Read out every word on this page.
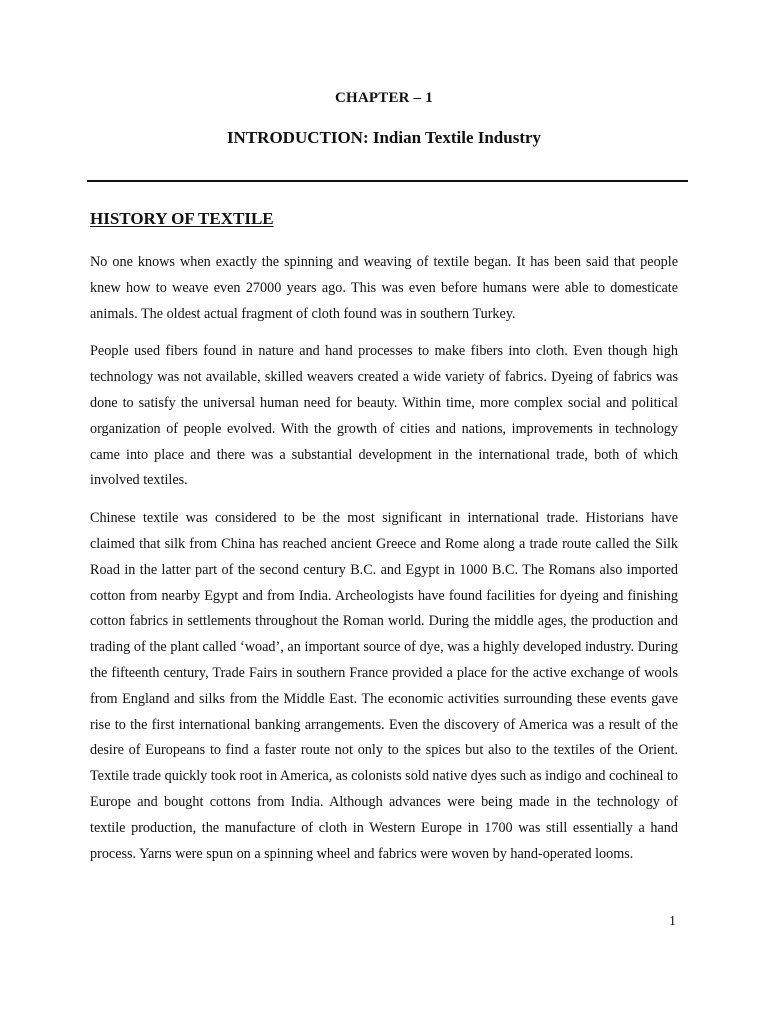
CHAPTER – 1
INTRODUCTION: Indian Textile Industry
HISTORY OF TEXTILE

No one knows when exactly the spinning and weaving of textile began. It has been said that people knew how to weave even 27000 years ago. This was even before humans were able to domesticate animals. The oldest actual fragment of cloth found was in southern Turkey.

People used fibers found in nature and hand processes to make fibers into cloth. Even though high technology was not available, skilled weavers created a wide variety of fabrics. Dyeing of fabrics was done to satisfy the universal human need for beauty. Within time, more complex social and political organization of people evolved. With the growth of cities and nations, improvements in technology came into place and there was a substantial development in the international trade, both of which involved textiles.

Chinese textile was considered to be the most significant in international trade. Historians have claimed that silk from China has reached ancient Greece and Rome along a trade route called the Silk Road in the latter part of the second century B.C. and Egypt in 1000 B.C. The Romans also imported cotton from nearby Egypt and from India. Archeologists have found facilities for dyeing and finishing cotton fabrics in settlements throughout the Roman world. During the middle ages, the production and trading of the plant called ‘woad’, an important source of dye, was a highly developed industry. During the fifteenth century, Trade Fairs in southern France provided a place for the active exchange of wools from England and silks from the Middle East. The economic activities surrounding these events gave rise to the first international banking arrangements. Even the discovery of America was a result of the desire of Europeans to find a faster route not only to the spices but also to the textiles of the Orient. Textile trade quickly took root in America, as colonists sold native dyes such as indigo and cochineal to Europe and bought cottons from India. Although advances were being made in the technology of textile production, the manufacture of cloth in Western Europe in 1700 was still essentially a hand process. Yarns were spun on a spinning wheel and fabrics were woven by hand-operated looms.

1
